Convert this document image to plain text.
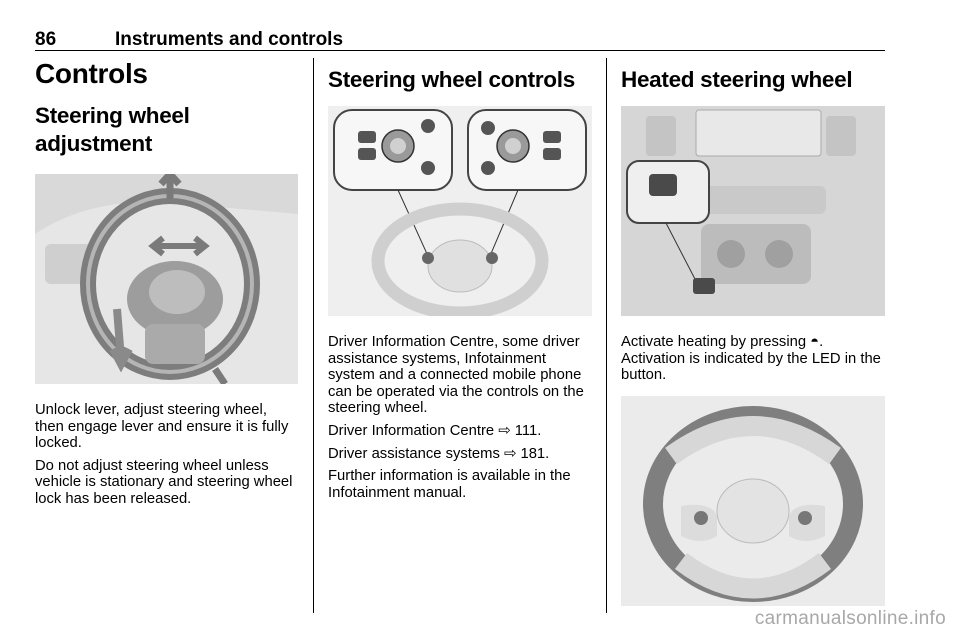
86	Instruments and controls
Controls
Steering wheel adjustment

Unlock lever, adjust steering wheel, then engage lever and ensure it is fully locked.

Do not adjust steering wheel unless vehicle is stationary and steering wheel lock has been released.

Steering wheel controls

Driver Information Centre, some driver assistance systems, Infotainment system and a connected mobile phone can be operated via the controls on the steering wheel.

Driver Information Centre ⇨ 111.

Driver assistance systems ⇨ 181.

Further information is available in the Infotainment manual.

Heated steering wheel

Activate heating by pressing ◓.

Activation is indicated by the LED in the button.

carmanualsonline.info
